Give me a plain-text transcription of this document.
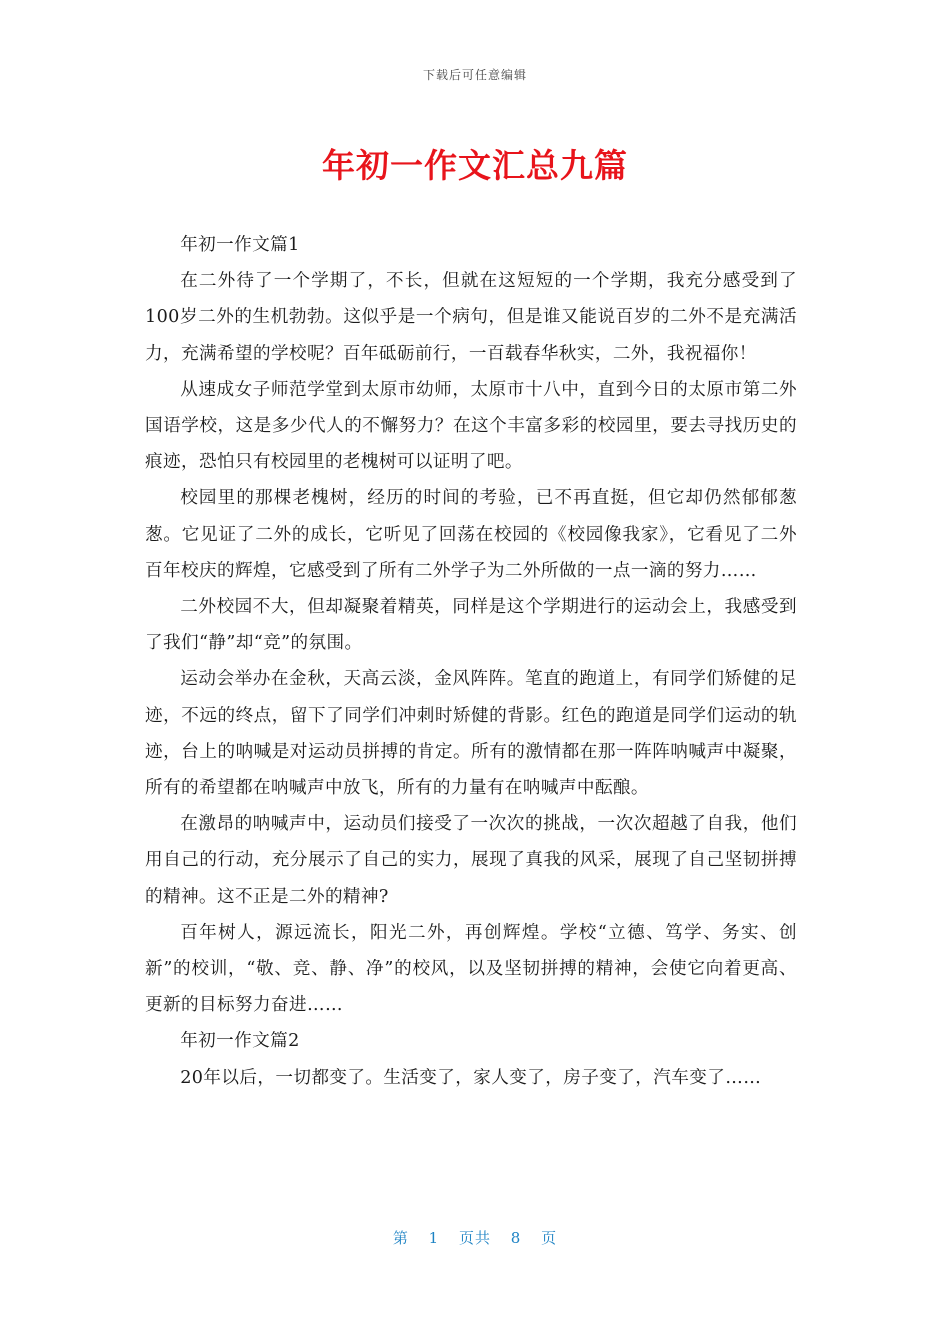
下载后可任意编辑
年初一作文汇总九篇

年初一作文篇1

在二外待了一个学期了，不长，但就在这短短的一个学期，我充分感受到了100岁二外的生机勃勃。这似乎是一个病句，但是谁又能说百岁的二外不是充满活力，充满希望的学校呢？百年砥砺前行，一百载春华秋实，二外，我祝福你！

从速成女子师范学堂到太原市幼师，太原市十八中，直到今日的太原市第二外国语学校，这是多少代人的不懈努力？在这个丰富多彩的校园里，要去寻找历史的痕迹，恐怕只有校园里的老槐树可以证明了吧。

校园里的那棵老槐树，经历的时间的考验，已不再直挺，但它却仍然郁郁葱葱。它见证了二外的成长，它听见了回荡在校园的《校园像我家》，它看见了二外百年校庆的辉煌，它感受到了所有二外学子为二外所做的一点一滴的努力……

二外校园不大，但却凝聚着精英，同样是这个学期进行的运动会上，我感受到了我们“静”却“竞”的氛围。

运动会举办在金秋，天高云淡，金风阵阵。笔直的跑道上，有同学们矫健的足迹，不远的终点，留下了同学们冲刺时矫健的背影。红色的跑道是同学们运动的轨迹，台上的呐喊是对运动员拼搏的肯定。所有的激情都在那一阵阵呐喊声中凝聚，所有的希望都在呐喊声中放飞，所有的力量有在呐喊声中酝酿。

在激昂的呐喊声中，运动员们接受了一次次的挑战，一次次超越了自我，他们用自己的行动，充分展示了自己的实力，展现了真我的风采，展现了自己坚韧拼搏的精神。这不正是二外的精神?

百年树人，源远流长，阳光二外，再创辉煌。学校“立德、笃学、务实、创新”的校训，“敬、竞、静、净”的校风，以及坚韧拼搏的精神，会使它向着更高、更新的目标努力奋进……

年初一作文篇2

20年以后，一切都变了。生活变了，家人变了，房子变了，汽车变了……

第 1 页共 8 页
